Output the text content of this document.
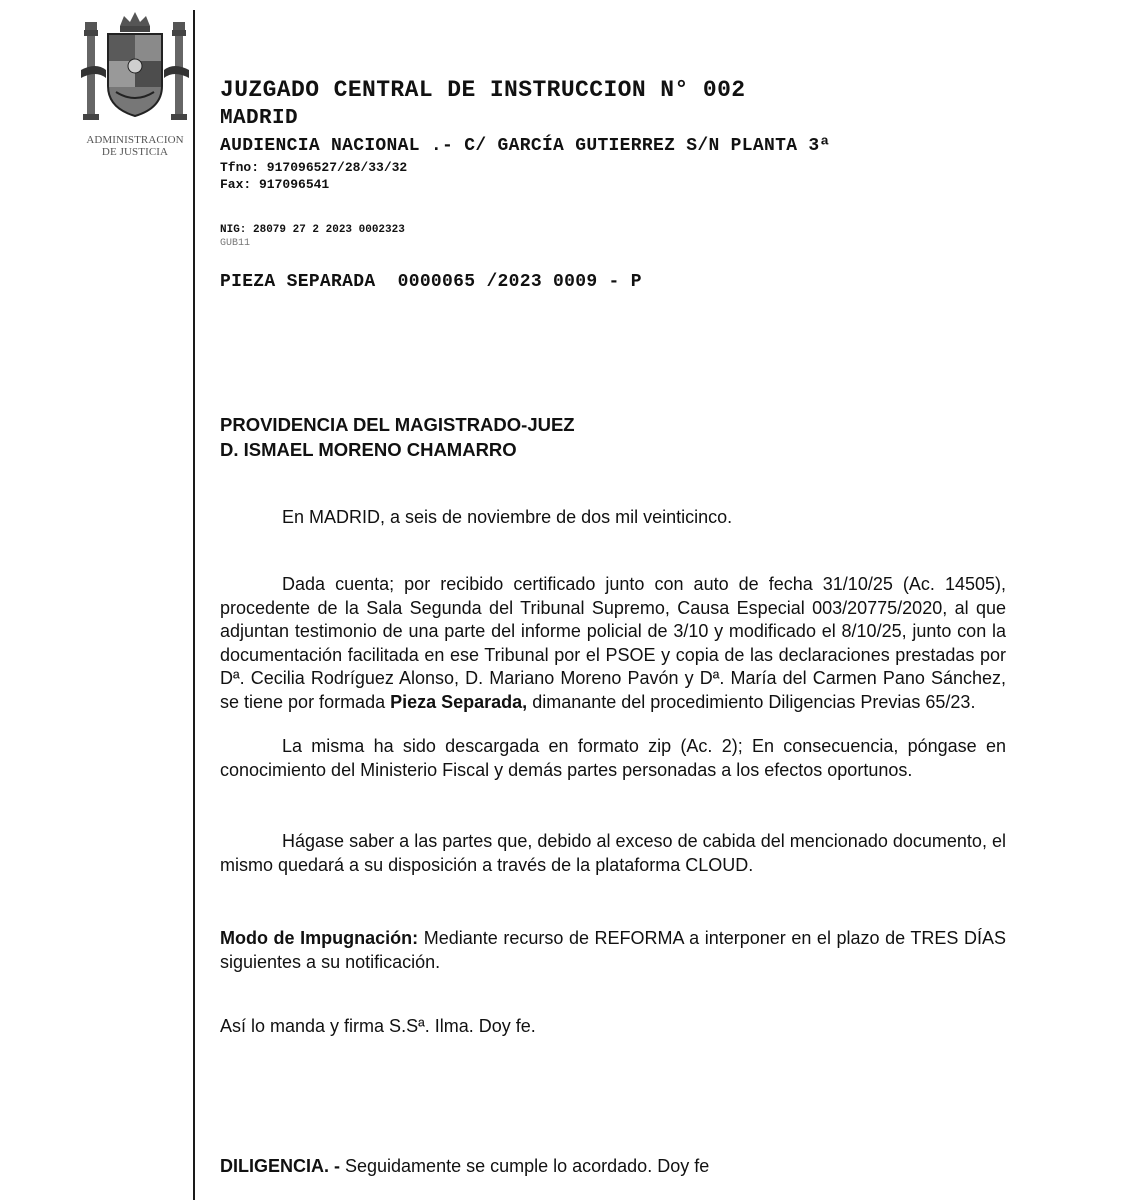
ADMINISTRACION
DE JUSTICIA
JUZGADO CENTRAL DE INSTRUCCION N° 002
MADRID
AUDIENCIA NACIONAL .- C/ GARCÍA GUTIERREZ S/N PLANTA 3ª
Tfno: 917096527/28/33/32
Fax: 917096541
NIG: 28079 27 2 2023 0002323
GUB11
PIEZA SEPARADA  0000065 /2023 0009 - P
PROVIDENCIA DEL MAGISTRADO-JUEZ
D. ISMAEL MORENO CHAMARRO
En MADRID, a seis de noviembre de dos mil veinticinco.
Dada cuenta; por recibido certificado junto con auto de fecha 31/10/25 (Ac. 14505), procedente de la Sala Segunda del Tribunal Supremo, Causa Especial 003/20775/2020, al que adjuntan testimonio de una parte del informe policial de 3/10 y modificado el 8/10/25, junto con la documentación facilitada en ese Tribunal por el PSOE y copia de las declaraciones prestadas por Dª. Cecilia Rodríguez Alonso, D. Mariano Moreno Pavón y Dª. María del Carmen Pano Sánchez, se tiene por formada Pieza Separada, dimanante del procedimiento Diligencias Previas 65/23.
La misma ha sido descargada en formato zip (Ac. 2); En consecuencia, póngase en conocimiento del Ministerio Fiscal y demás partes personadas a los efectos oportunos.
Hágase saber a las partes que, debido al exceso de cabida del mencionado documento, el mismo quedará a su disposición a través de la plataforma CLOUD.
Modo de Impugnación: Mediante recurso de REFORMA a interponer en el plazo de TRES DÍAS siguientes a su notificación.
Así lo manda y firma S.Sª. Ilma. Doy fe.
DILIGENCIA. - Seguidamente se cumple lo acordado. Doy fe
